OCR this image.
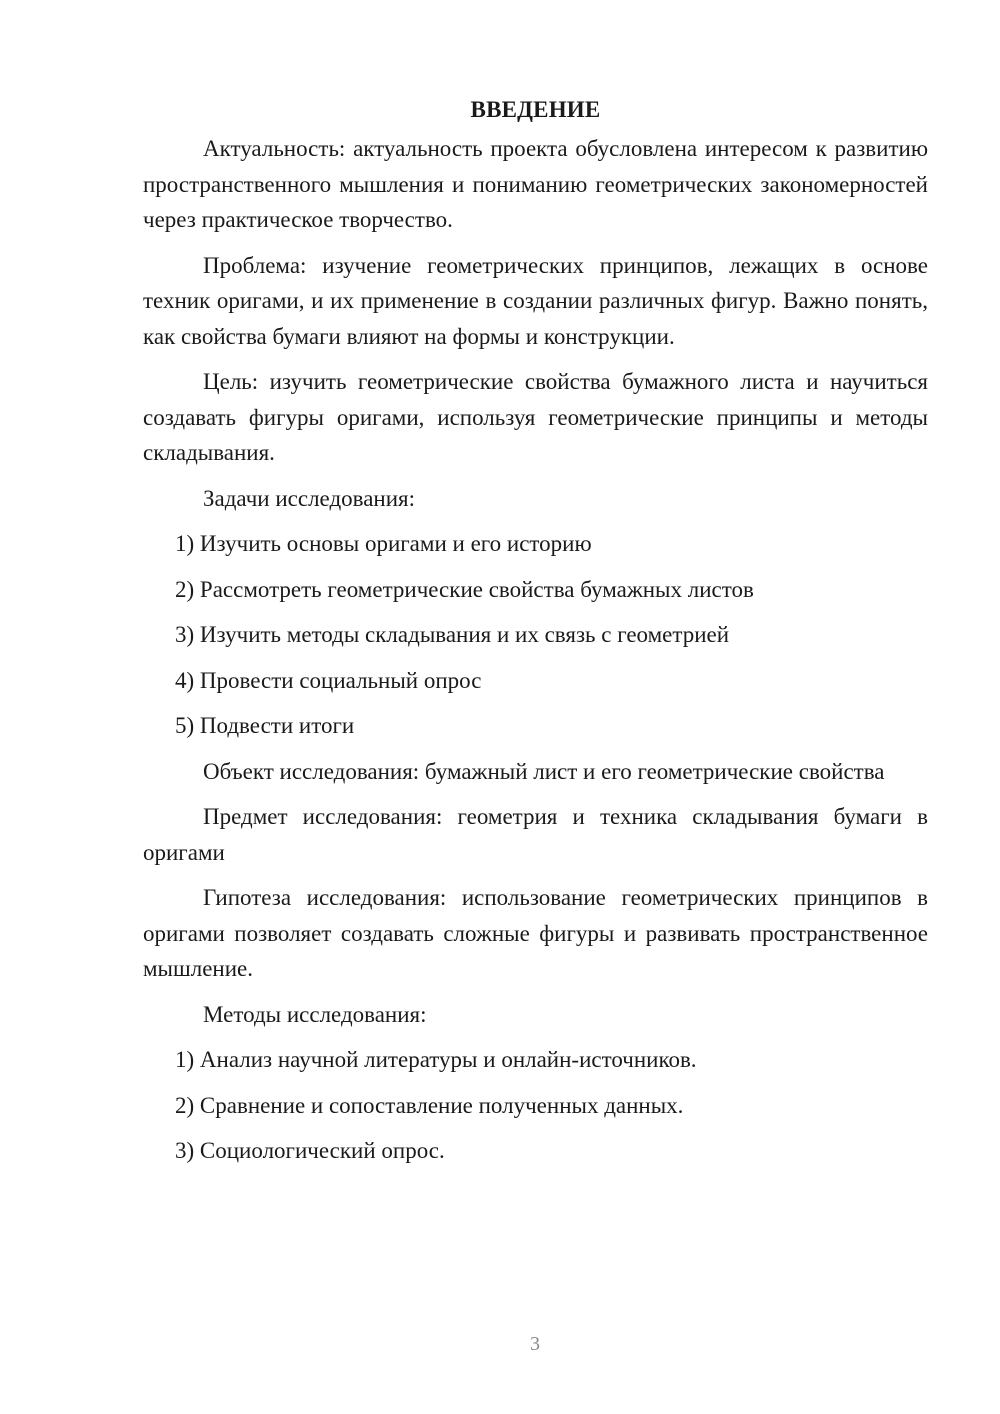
ВВЕДЕНИЕ

Актуальность: актуальность проекта обусловлена интересом к развитию пространственного мышления и пониманию геометрических закономерностей через практическое творчество.

Проблема: изучение геометрических принципов, лежащих в основе техник оригами, и их применение в создании различных фигур. Важно понять, как свойства бумаги влияют на формы и конструкции.

Цель: изучить геометрические свойства бумажного листа и научиться создавать фигуры оригами, используя геометрические принципы и методы складывания.

Задачи исследования:

1) Изучить основы оригами и его историю
2) Рассмотреть геометрические свойства бумажных листов
3) Изучить методы складывания и их связь с геометрией
4) Провести социальный опрос
5) Подвести итоги

Объект исследования: бумажный лист и его геометрические свойства

Предмет исследования: геометрия и техника складывания бумаги в оригами

Гипотеза исследования: использование геометрических принципов в оригами позволяет создавать сложные фигуры и развивать пространственное мышление.

Методы исследования:

1) Анализ научной литературы и онлайн-источников.
2) Сравнение и сопоставление полученных данных.
3) Социологический опрос.
3
